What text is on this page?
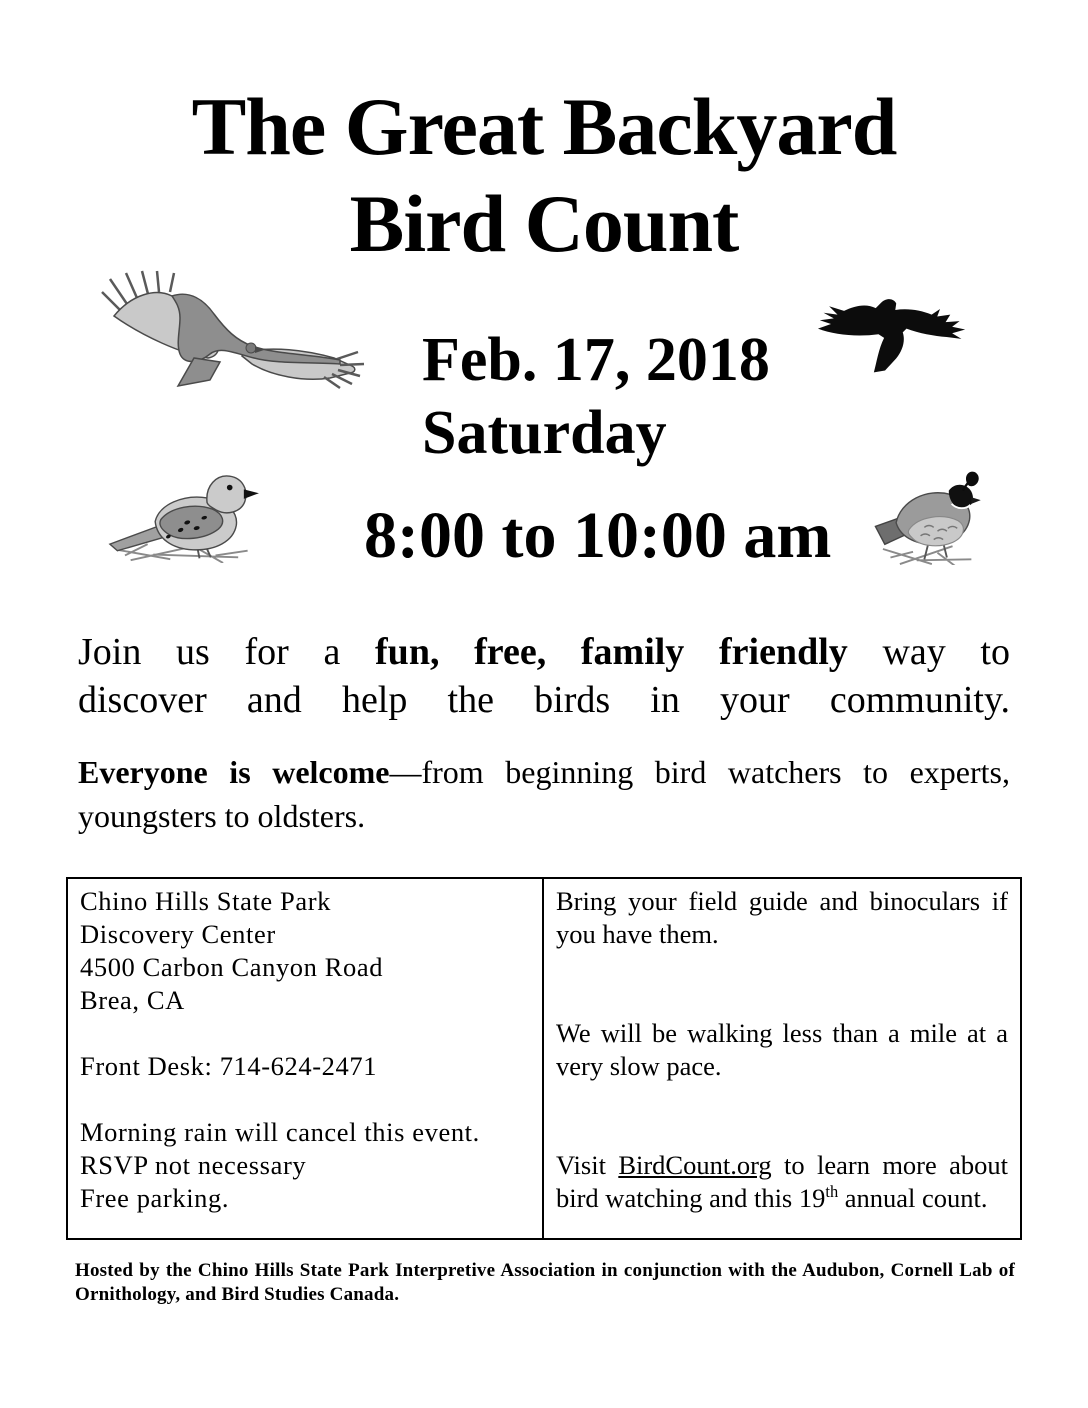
The Great Backyard
Bird Count
Feb. 17, 2018
Saturday
8:00 to 10:00 am
Join us for a fun, free, family friendly way to
discover and help the birds in your community.
Everyone is welcome—from beginning bird watchers to experts, youngsters to oldsters.
Chino Hills State Park
Discovery Center
4500 Carbon Canyon Road
Brea, CA
Front Desk: 714-624-2471
Morning rain will cancel this event.
RSVP not necessary
Free parking.
Bring your field guide and binoculars if
you have them.
We will be walking less than a mile at a
very slow pace.
Visit BirdCount.org to learn more about
bird watching and this 19th annual count.
Hosted by the Chino Hills State Park Interpretive Association in conjunction with the Audubon, Cornell Lab of
Ornithology, and Bird Studies Canada.
